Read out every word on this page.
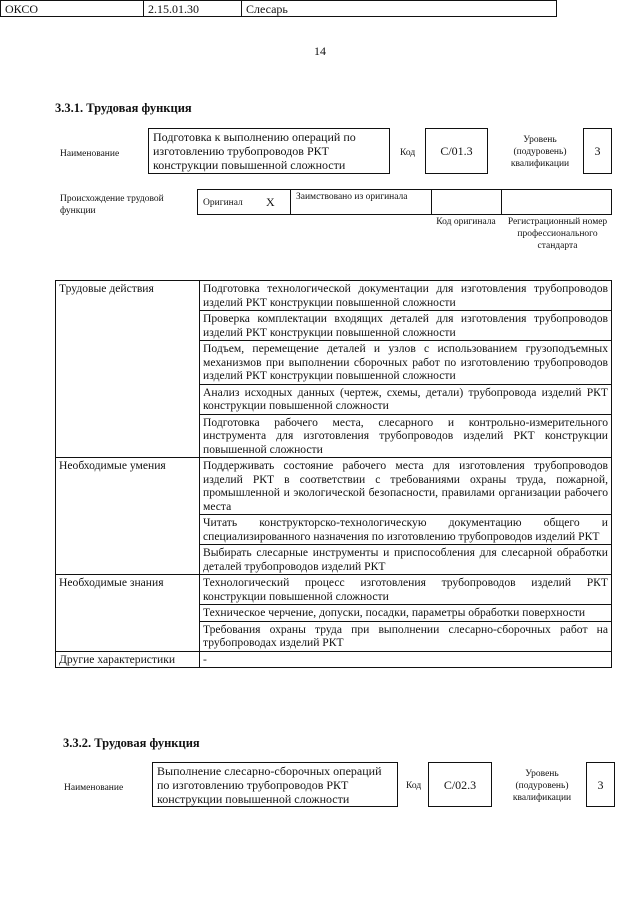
14
ОКСО	2.15.01.30	Слесарь
3.3.1. Трудовая функция
Наименование
Подготовка к выполнению операций по изготовлению трубопроводов РКТ конструкции повышенной сложности
Код	С/01.3
Уровень (подуровень) квалификации
3
Происхождение трудовой функции
Оригинал X Заимствовано из оригинала
Код оригинала Регистрационный номер профессионального стандарта
Трудовые действия	Подготовка технологической документации для изготовления трубопроводов изделий РКТ конструкции повышенной сложности
	Проверка комплектации входящих деталей для изготовления трубопроводов изделий РКТ конструкции повышенной сложности
	Подъем, перемещение деталей и узлов с использованием грузоподъемных механизмов при выполнении сборочных работ по изготовлению трубопроводов изделий РКТ конструкции повышенной сложности
	Анализ исходных данных (чертеж, схемы, детали) трубопровода изделий РКТ конструкции повышенной сложности
	Подготовка рабочего места, слесарного и контрольно-измерительного инструмента для изготовления трубопроводов изделий РКТ конструкции повышенной сложности
Необходимые умения	Поддерживать состояние рабочего места для изготовления трубопроводов изделий РКТ в соответствии с требованиями охраны труда, пожарной, промышленной и экологической безопасности, правилами организации рабочего места
	Читать конструкторско-технологическую документацию общего и специализированного назначения по изготовлению трубопроводов изделий РКТ
	Выбирать слесарные инструменты и приспособления для слесарной обработки деталей трубопроводов изделий РКТ
Необходимые знания	Технологический процесс изготовления трубопроводов изделий РКТ конструкции повышенной сложности
	Техническое черчение, допуски, посадки, параметры обработки поверхности
	Требования охраны труда при выполнении слесарно-сборочных работ на трубопроводах изделий РКТ
Другие характеристики	-
3.3.2. Трудовая функция
Наименование
Выполнение слесарно-сборочных операций по изготовлению трубопроводов РКТ конструкции повышенной сложности
Код	С/02.3
Уровень (подуровень) квалификации
3
